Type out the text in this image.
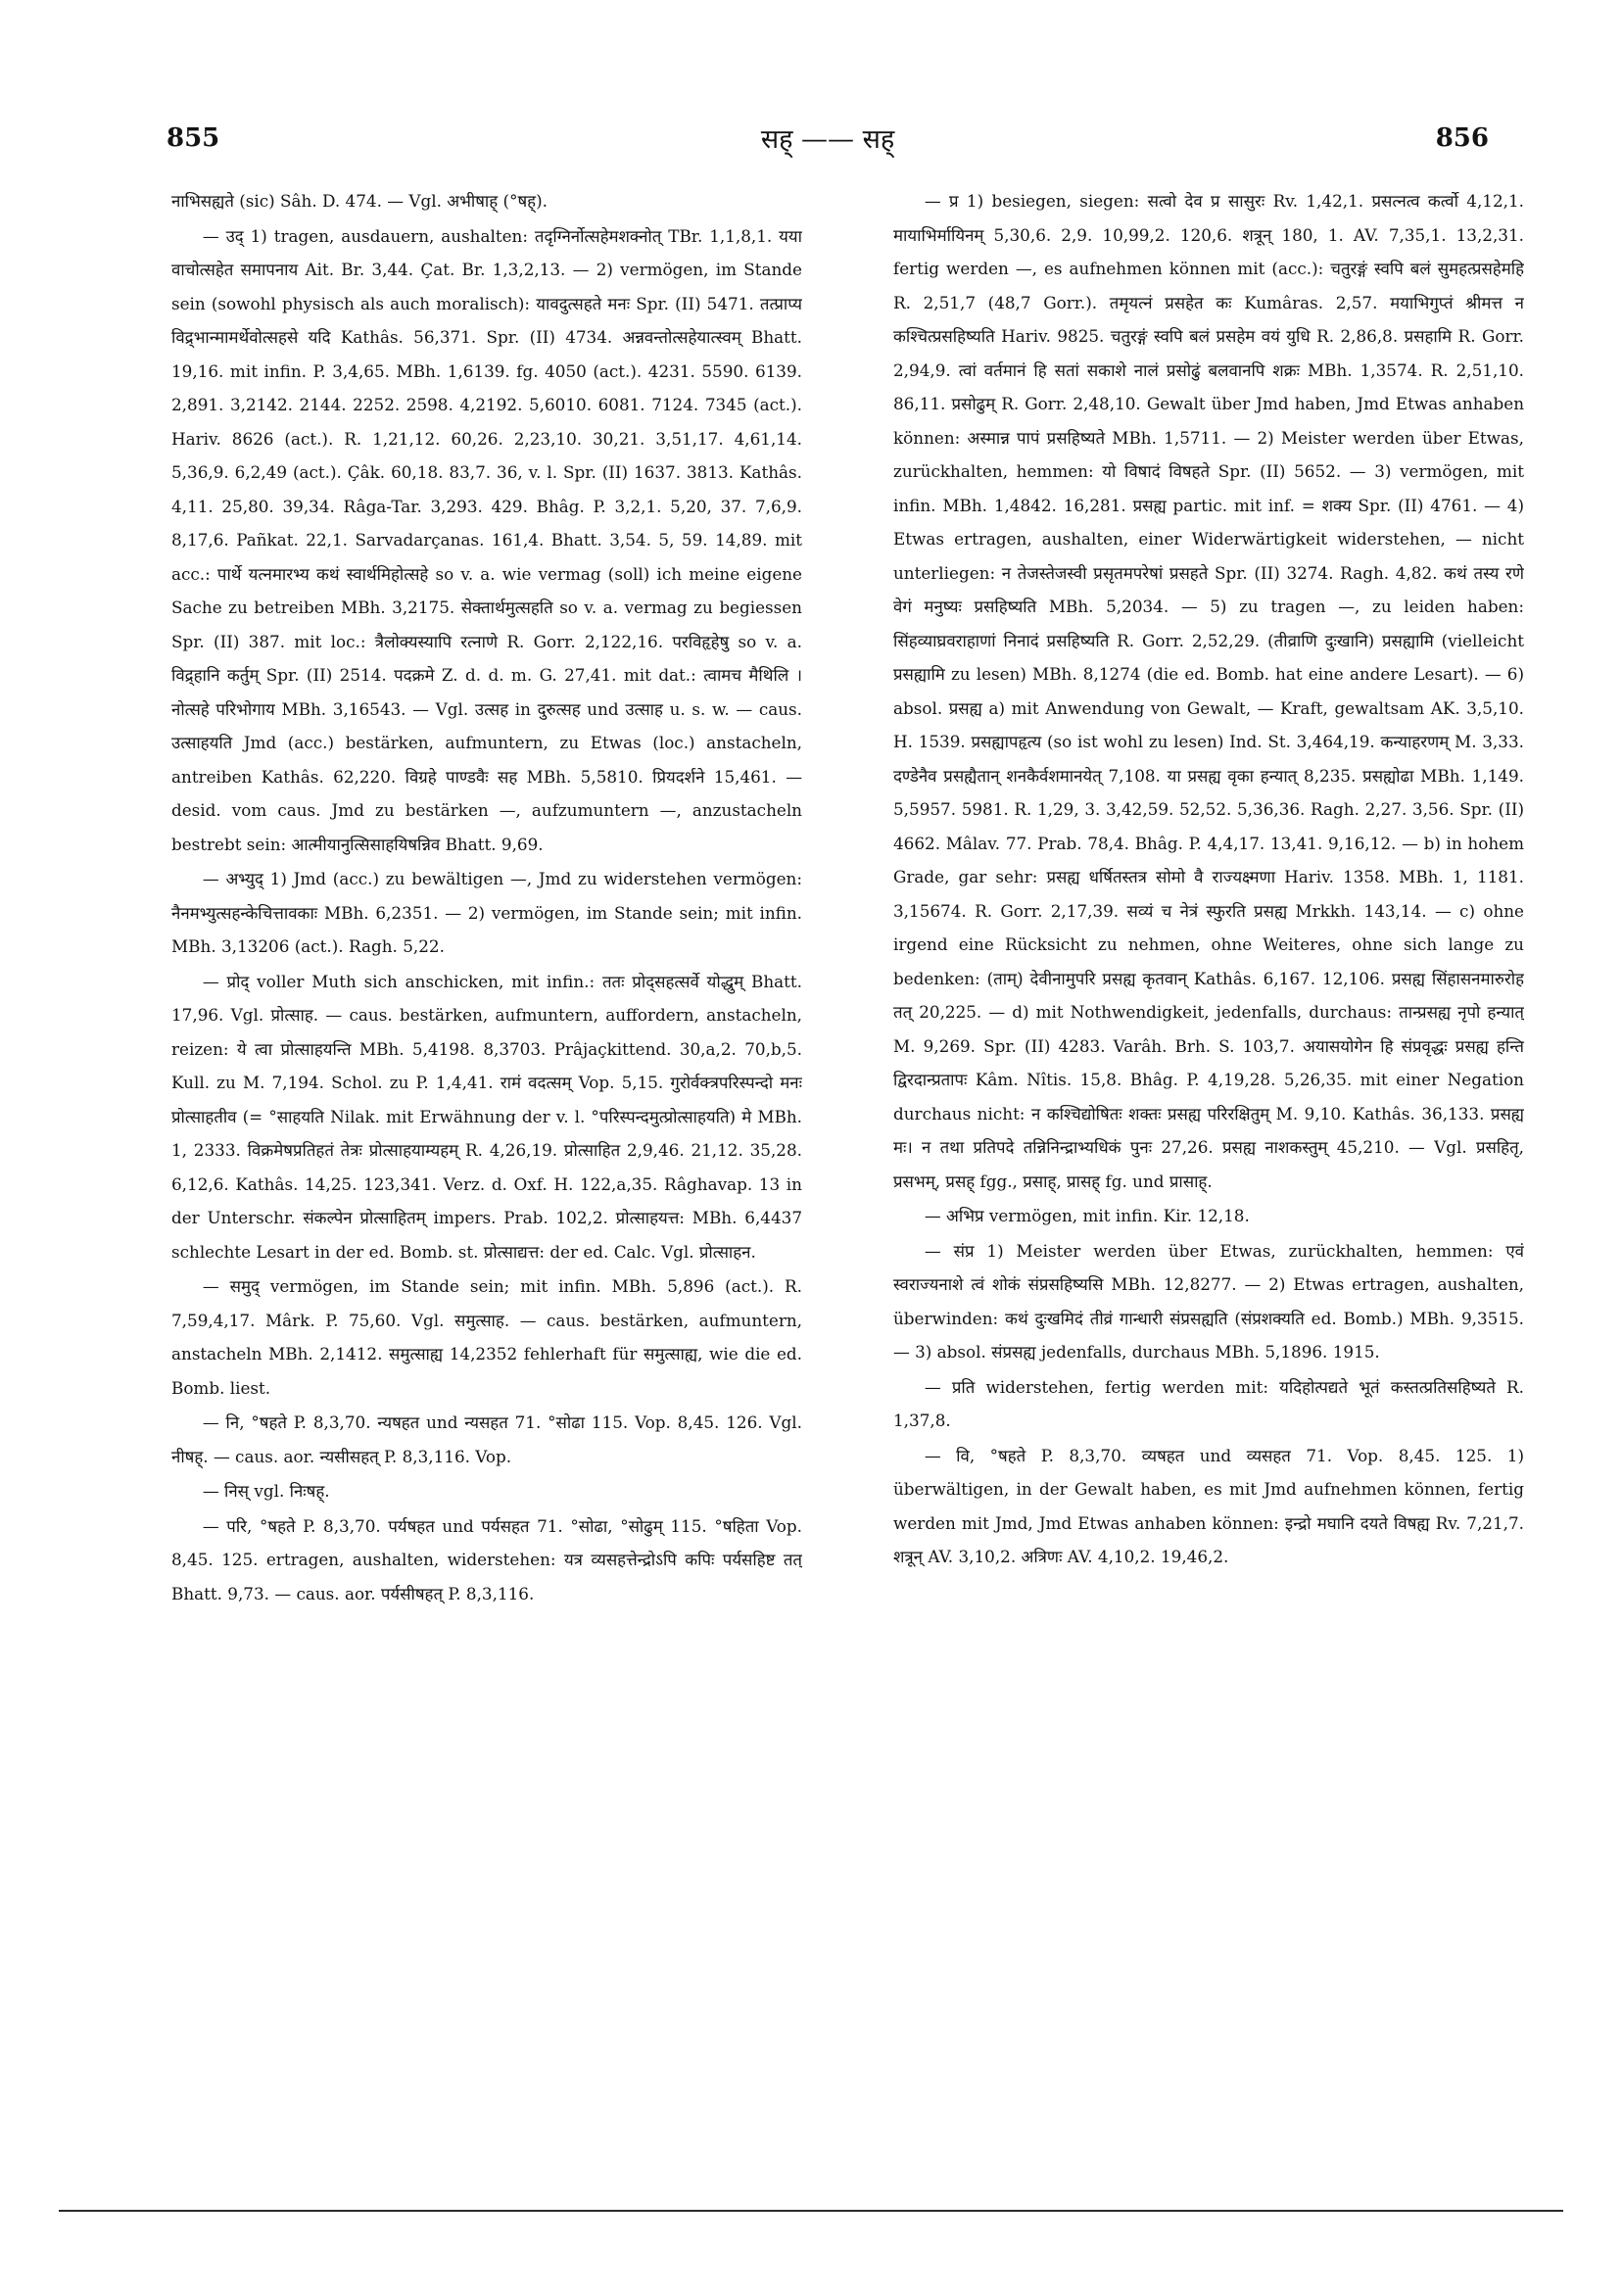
855	सह् —— सह्	856

नाभिसह्यते (sic) Sâh. D. 474. — Vgl. अभीषाह् (°षह्).

— उद् 1) tragen, ausdauern, aushalten: तदृग्निर्नोत्सहेमशक्नोत् TBr. 1,1,8,1. यया वाचोत्सहेत समापनाय Ait. Br. 3,44. Çat. Br. 1,3,2,13. — 2) vermögen, im Stande sein (sowohl physisch als auch moralisch): यावदुत्सहते मनः Spr. (II) 5471. तत्प्राप्य विद्र्भान्मामर्थेवोत्सहसे यदि Kathâs. 56,371. Spr. (II) 4734. अन्नवन्तोत्सहेयात्स्वम् Bhatt. 19,16. mit infin. P. 3,4,65. MBh. 1,6139. fg. 4050 (act.). 4231. 5590. 6139. 2,891. 3,2142. 2144. 2252. 2598. 4,2192. 5,6010. 6081. 7124. 7345 (act.). Hariv. 8626 (act.). R. 1,21,12. 60,26. 2,23,10. 30,21. 3,51,17. 4,61,14. 5,36,9. 6,2,49 (act.). Çâk. 60,18. 83,7. 36, v. l. Spr. (II) 1637. 3813. Kathâs. 4,11. 25,80. 39,34. Râga-Tar. 3,293. 429. Bhâg. P. 3,2,1. 5,20, 37. 7,6,9. 8,17,6. Pañkat. 22,1. Sarvadarçanas. 161,4. Bhatt. 3,54. 5, 59. 14,89. mit acc.: पार्थे यत्नमारभ्य कथं स्वार्थमिहोत्सहे so v. a. wie vermag (soll) ich meine eigene Sache zu betreiben MBh. 3,2175. सेक्तार्थमुत्सहति so v. a. vermag zu begiessen Spr. (II) 387. mit loc.: त्रैलोक्यस्यापि रत्नाणे R. Gorr. 2,122,16. परविहृहेषु so v. a. विद्र्हानि कर्तुम् Spr. (II) 2514. पदक्रमे Z. d. d. m. G. 27,41. mit dat.: त्वामच मैथिलि । नोत्सहे परिभोगाय MBh. 3,16543. — Vgl. उत्सह in दुरुत्सह und उत्साह u. s. w. — caus. उत्साहयति Jmd (acc.) bestärken, aufmuntern, zu Etwas (loc.) anstacheln, antreiben Kathâs. 62,220. विग्रहे पाण्डवैः सह MBh. 5,5810. प्रियदर्शने 15,461. — desid. vom caus. Jmd zu bestärken —, aufzumuntern —, anzustacheln bestrebt sein: आत्मीयानुत्सिसाहयिषन्निव Bhatt. 9,69.

— अभ्युद् 1) Jmd (acc.) zu bewältigen —, Jmd zu widerstehen vermögen: नैनमभ्युत्सहन्केचित्तावकाः MBh. 6,2351. — 2) vermögen, im Stande sein; mit infin. MBh. 3,13206 (act.). Ragh. 5,22.

— प्रोद् voller Muth sich anschicken, mit infin.: ततः प्रोद्सहत्सर्वे योद्धुम् Bhatt. 17,96. Vgl. प्रोत्साह. — caus. bestärken, aufmuntern, auffordern, anstacheln, reizen: ये त्वा प्रोत्साहयन्ति MBh. 5,4198. 8,3703. Prâjaçkittend. 30,a,2. 70,b,5. Kull. zu M. 7,194. Schol. zu P. 1,4,41. रामं वदत्सम् Vop. 5,15. गुरोर्वक्त्रपरिस्पन्दो मनः प्रोत्साहतीव (= °साहयति Nilak. mit Erwähnung der v. l. °परिस्पन्दमुत्प्रोत्साहयति) मे MBh. 1, 2333. विक्रमेषप्रतिहतं तेत्रः प्रोत्साहयाम्यहम् R. 4,26,19. प्रोत्साहित 2,9,46. 21,12. 35,28. 6,12,6. Kathâs. 14,25. 123,341. Verz. d. Oxf. H. 122,a,35. Râghavap. 13 in der Unterschr. संकल्पेन प्रोत्साहितम् impers. Prab. 102,2. प्रोत्साहयत्त: MBh. 6,4437 schlechte Lesart in der ed. Bomb. st. प्रोत्साद्यत्त: der ed. Calc. Vgl. प्रोत्साहन.

— समुद् vermögen, im Stande sein; mit infin. MBh. 5,896 (act.). R. 7,59,4,17. Mârk. P. 75,60. Vgl. समुत्साह. — caus. bestärken, aufmuntern, anstacheln MBh. 2,1412. समुत्साह्य 14,2352 fehlerhaft für समुत्साह्य, wie die ed. Bomb. liest.

— नि, °षहते P. 8,3,70. न्यषहत und न्यसहत 71. °सोढा 115. Vop. 8,45. 126. Vgl. नीषह्. — caus. aor. न्यसीसहत् P. 8,3,116. Vop.

— निस् vgl. निःषह्.

— परि, °षहते P. 8,3,70. पर्यषहत und पर्यसहत 71. °सोढा, °सोढुम् 115. °षहिता Vop. 8,45. 125. ertragen, aushalten, widerstehen: यत्र व्यसहत्तेन्द्रोऽपि कपिः पर्यसहिष्ट तत् Bhatt. 9,73. — caus. aor. पर्यसीषहत् P. 8,3,116.

— प्र 1) besiegen, siegen: सत्वो देव प्र सासुरः Rv. 1,42,1. प्रसत्नत्व कर्त्वो 4,12,1. मायाभिर्मायिनम् 5,30,6. 2,9. 10,99,2. 120,6. शत्रून् 180, 1. AV. 7,35,1. 13,2,31. fertig werden —, es aufnehmen können mit (acc.): चतुरङ्गं स्वपि बलं सुमहत्प्रसहेमहि R. 2,51,7 (48,7 Gorr.). तमृयत्नं प्रसहेत कः Kumâras. 2,57. मयाभिगुप्तं श्रीमत्त न कश्चित्प्रसहिष्यति Hariv. 9825. चतुरङ्गं स्वपि बलं प्रसहेम वयं युधि R. 2,86,8. प्रसहामि R. Gorr. 2,94,9. त्वां वर्तमानं हि सतां सकाशे नालं प्रसोढुं बलवानपि शक्रः MBh. 1,3574. R. 2,51,10. 86,11. प्रसोढुम् R. Gorr. 2,48,10. Gewalt über Jmd haben, Jmd Etwas anhaben können: अस्मान्न पापं प्रसहिष्यते MBh. 1,5711. — 2) Meister werden über Etwas, zurückhalten, hemmen: यो विषादं विषहते Spr. (II) 5652. — 3) vermögen, mit infin. MBh. 1,4842. 16,281. प्रसह्य partic. mit inf. = शक्य Spr. (II) 4761. — 4) Etwas ertragen, aushalten, einer Widerwärtigkeit widerstehen, — nicht unterliegen: न तेजस्तेजस्वी प्रसृतमपरेषां प्रसहते Spr. (II) 3274. Ragh. 4,82. कथं तस्य रणे वेगं मनुष्यः प्रसहिष्यति MBh. 5,2034. — 5) zu tragen —, zu leiden haben: सिंहव्याघ्रवराहाणां निनादं प्रसहिष्यति R. Gorr. 2,52,29. (तीव्राणि दुःखानि) प्रसह्यामि (vielleicht प्रसह्यामि zu lesen) MBh. 8,1274 (die ed. Bomb. hat eine andere Lesart). — 6) absol. प्रसह्य a) mit Anwendung von Gewalt, — Kraft, gewaltsam AK. 3,5,10. H. 1539. प्रसह्यापहृत्य (so ist wohl zu lesen) Ind. St. 3,464,19. कन्याहरणम् M. 3,33. दण्डेनैव प्रसह्यैतान् शनकैर्वशमानयेत् 7,108. या प्रसह्य वृका हन्यात् 8,235. प्रसह्योढा MBh. 1,149. 5,5957. 5981. R. 1,29, 3. 3,42,59. 52,52. 5,36,36. Ragh. 2,27. 3,56. Spr. (II) 4662. Mâlav. 77. Prab. 78,4. Bhâg. P. 4,4,17. 13,41. 9,16,12. — b) in hohem Grade, gar sehr: प्रसह्य धर्षितस्तत्र सोमो वै राज्यक्ष्मणा Hariv. 1358. MBh. 1, 1181. 3,15674. R. Gorr. 2,17,39. सव्यं च नेत्रं स्फुरति प्रसह्य Mrkkh. 143,14. — c) ohne irgend eine Rücksicht zu nehmen, ohne Weiteres, ohne sich lange zu bedenken: (ताम्) देवीनामुपरि प्रसह्य कृतवान् Kathâs. 6,167. 12,106. प्रसह्य सिंहासनमारुरोह तत् 20,225. — d) mit Nothwendigkeit, jedenfalls, durchaus: तान्प्रसह्य नृपो हन्यात् M. 9,269. Spr. (II) 4283. Varâh. Brh. S. 103,7. अयासयोगेन हि संप्रवृद्धः प्रसह्य हन्ति द्विरदान्प्रतापः Kâm. Nîtis. 15,8. Bhâg. P. 4,19,28. 5,26,35. mit einer Negation durchaus nicht: न कश्चिद्योषितः शक्तः प्रसह्य परिरक्षितुम् M. 9,10. Kathâs. 36,133. प्रसह्य मः। न तथा प्रतिपदे तन्निनिन्द्राभ्यधिकं पुनः 27,26. प्रसह्य नाशकस्तुम् 45,210. — Vgl. प्रसहितृ, प्रसभम्, प्रसह् fgg., प्रसाह्, प्रासह् fg. und प्रासाह्.

— अभिप्र vermögen, mit infin. Kir. 12,18.

— संप्र 1) Meister werden über Etwas, zurückhalten, hemmen: एवं स्वराज्यनाशे त्वं शोकं संप्रसहिष्यसि MBh. 12,8277. — 2) Etwas ertragen, aushalten, überwinden: कथं दुःखमिदं तीव्रं गान्धारी संप्रसह्यति (संप्रशक्यति ed. Bomb.) MBh. 9,3515. — 3) absol. संप्रसह्य jedenfalls, durchaus MBh. 5,1896. 1915.

— प्रति widerstehen, fertig werden mit: यदिहोत्पद्यते भूतं कस्तत्प्रतिसहिष्यते R. 1,37,8.

— वि, °षहते P. 8,3,70. व्यषहत und व्यसहत 71. Vop. 8,45. 125. 1) überwältigen, in der Gewalt haben, es mit Jmd aufnehmen können, fertig werden mit Jmd, Jmd Etwas anhaben können: इन्द्रो मघानि दयते विषह्य Rv. 7,21,7. शत्रून् AV. 3,10,2. अत्रिणः AV. 4,10,2. 19,46,2.
